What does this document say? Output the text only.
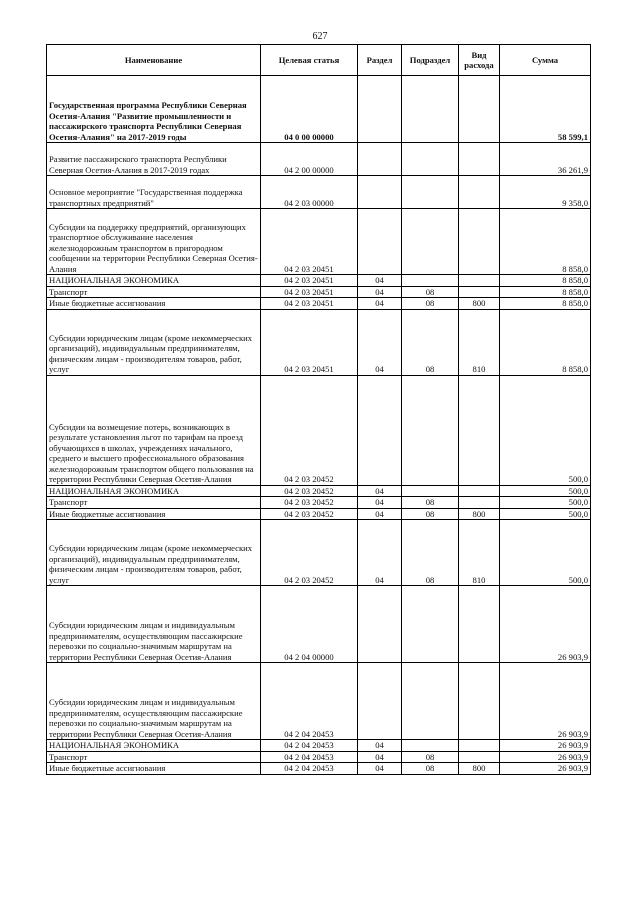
627
Наименование	Целевая статья	Раздел	Подраздел	Вид расхода	Сумма
Государственная программа Республики Северная Осетия-Алания "Развитие промышленности и пассажирского транспорта Республики Северная Осетия-Алания" на 2017-2019 годы	04 0 00 00000				58 599,1
Развитие пассажирского транспорта Республики Северная Осетия-Алания в 2017-2019 годах	04 2 00 00000				36 261,9
Основное мероприятие "Государственная поддержка транспортных предприятий"	04 2 03 00000				9 358,0
Субсидии на поддержку предприятий, организующих транспортное обслуживание населения железнодорожным транспортом в пригородном сообщении на территории Республики Северная Осетия-Алания	04 2 03 20451				8 858,0
НАЦИОНАЛЬНАЯ ЭКОНОМИКА	04 2 03 20451	04			8 858,0
Транспорт	04 2 03 20451	04	08		8 858,0
Иные бюджетные ассигнования	04 2 03 20451	04	08	800	8 858,0
Субсидии юридическим лицам (кроме некоммерческих организаций), индивидуальным предпринимателям, физическим лицам - производителям товаров, работ, услуг	04 2 03 20451	04	08	810	8 858,0
Субсидии на возмещение потерь, возникающих в результате установления льгот по тарифам на проезд обучающихся в школах, учреждениях начального, среднего и высшего профессионального образования железнодорожным транспортом общего пользования на территории Республики Северная Осетия-Алания	04 2 03 20452				500,0
НАЦИОНАЛЬНАЯ ЭКОНОМИКА	04 2 03 20452	04			500,0
Транспорт	04 2 03 20452	04	08		500,0
Иные бюджетные ассигнования	04 2 03 20452	04	08	800	500,0
Субсидии юридическим лицам (кроме некоммерческих организаций), индивидуальным предпринимателям, физическим лицам - производителям товаров, работ, услуг	04 2 03 20452	04	08	810	500,0
Субсидии юридическим лицам и индивидуальным предпринимателям, осуществляющим пассажирские перевозки по социально-значимым маршрутам на территории Республики Северная Осетия-Алания	04 2 04 00000				26 903,9
Субсидии юридическим лицам и индивидуальным предпринимателям, осуществляющим пассажирские перевозки по социально-значимым маршрутам на территории Республики Северная Осетия-Алания	04 2 04 20453				26 903,9
НАЦИОНАЛЬНАЯ ЭКОНОМИКА	04 2 04 20453	04			26 903,9
Транспорт	04 2 04 20453	04	08		26 903,9
Иные бюджетные ассигнования	04 2 04 20453	04	08	800	26 903,9
